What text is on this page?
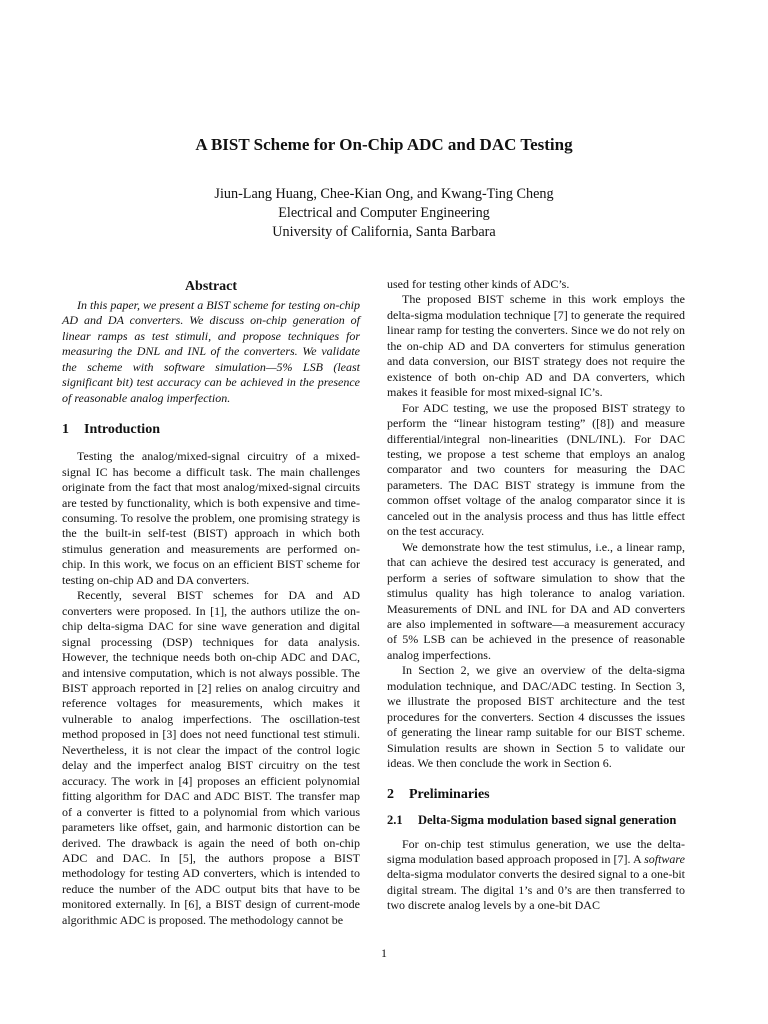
A BIST Scheme for On-Chip ADC and DAC Testing
Jiun-Lang Huang, Chee-Kian Ong, and Kwang-Ting Cheng
Electrical and Computer Engineering
University of California, Santa Barbara
Abstract

In this paper, we present a BIST scheme for testing on-chip AD and DA converters. We discuss on-chip generation of linear ramps as test stimuli, and propose techniques for measuring the DNL and INL of the converters. We validate the scheme with software simulation—5% LSB (least significant bit) test accuracy can be achieved in the presence of reasonable analog imperfection.

1 Introduction

Testing the analog/mixed-signal circuitry of a mixed-signal IC has become a difficult task. The main challenges originate from the fact that most analog/mixed-signal circuits are tested by functionality, which is both expensive and time-consuming. To resolve the problem, one promising strategy is the the built-in self-test (BIST) approach in which both stimulus generation and measurements are performed on-chip. In this work, we focus on an efficient BIST scheme for testing on-chip AD and DA converters.

Recently, several BIST schemes for DA and AD converters were proposed. In [1], the authors utilize the on-chip delta-sigma DAC for sine wave generation and digital signal processing (DSP) techniques for data analysis. However, the technique needs both on-chip ADC and DAC, and intensive computation, which is not always possible. The BIST approach reported in [2] relies on analog circuitry and reference voltages for measurements, which makes it vulnerable to analog imperfections. The oscillation-test method proposed in [3] does not need functional test stimuli. Nevertheless, it is not clear the impact of the control logic delay and the imperfect analog BIST circuitry on the test accuracy. The work in [4] proposes an efficient polynomial fitting algorithm for DAC and ADC BIST. The transfer map of a converter is fitted to a polynomial from which various parameters like offset, gain, and harmonic distortion can be derived. The drawback is again the need of both on-chip ADC and DAC. In [5], the authors propose a BIST methodology for testing AD converters, which is intended to reduce the number of the ADC output bits that have to be monitored externally. In [6], a BIST design of current-mode algorithmic ADC is proposed. The methodology cannot be

used for testing other kinds of ADC’s.

The proposed BIST scheme in this work employs the delta-sigma modulation technique [7] to generate the required linear ramp for testing the converters. Since we do not rely on the on-chip AD and DA converters for stimulus generation and data conversion, our BIST strategy does not require the existence of both on-chip AD and DA converters, which makes it feasible for most mixed-signal IC’s.

For ADC testing, we use the proposed BIST strategy to perform the “linear histogram testing” ([8]) and measure differential/integral non-linearities (DNL/INL). For DAC testing, we propose a test scheme that employs an analog comparator and two counters for measuring the DAC parameters. The DAC BIST strategy is immune from the common offset voltage of the analog comparator since it is canceled out in the analysis process and thus has little effect on the test accuracy.

We demonstrate how the test stimulus, i.e., a linear ramp, that can achieve the desired test accuracy is generated, and perform a series of software simulation to show that the stimulus quality has high tolerance to analog variation. Measurements of DNL and INL for DA and AD converters are also implemented in software—a measurement accuracy of 5% LSB can be achieved in the presence of reasonable analog imperfections.

In Section 2, we give an overview of the delta-sigma modulation technique, and DAC/ADC testing. In Section 3, we illustrate the proposed BIST architecture and the test procedures for the converters. Section 4 discusses the issues of generating the linear ramp suitable for our BIST scheme. Simulation results are shown in Section 5 to validate our ideas. We then conclude the work in Section 6.

2 Preliminaries
2.1	Delta-Sigma modulation based signal generation

For on-chip test stimulus generation, we use the delta-sigma modulation based approach proposed in [7]. A software delta-sigma modulator converts the desired signal to a one-bit digital stream. The digital 1’s and 0’s are then transferred to two discrete analog levels by a one-bit DAC

1
